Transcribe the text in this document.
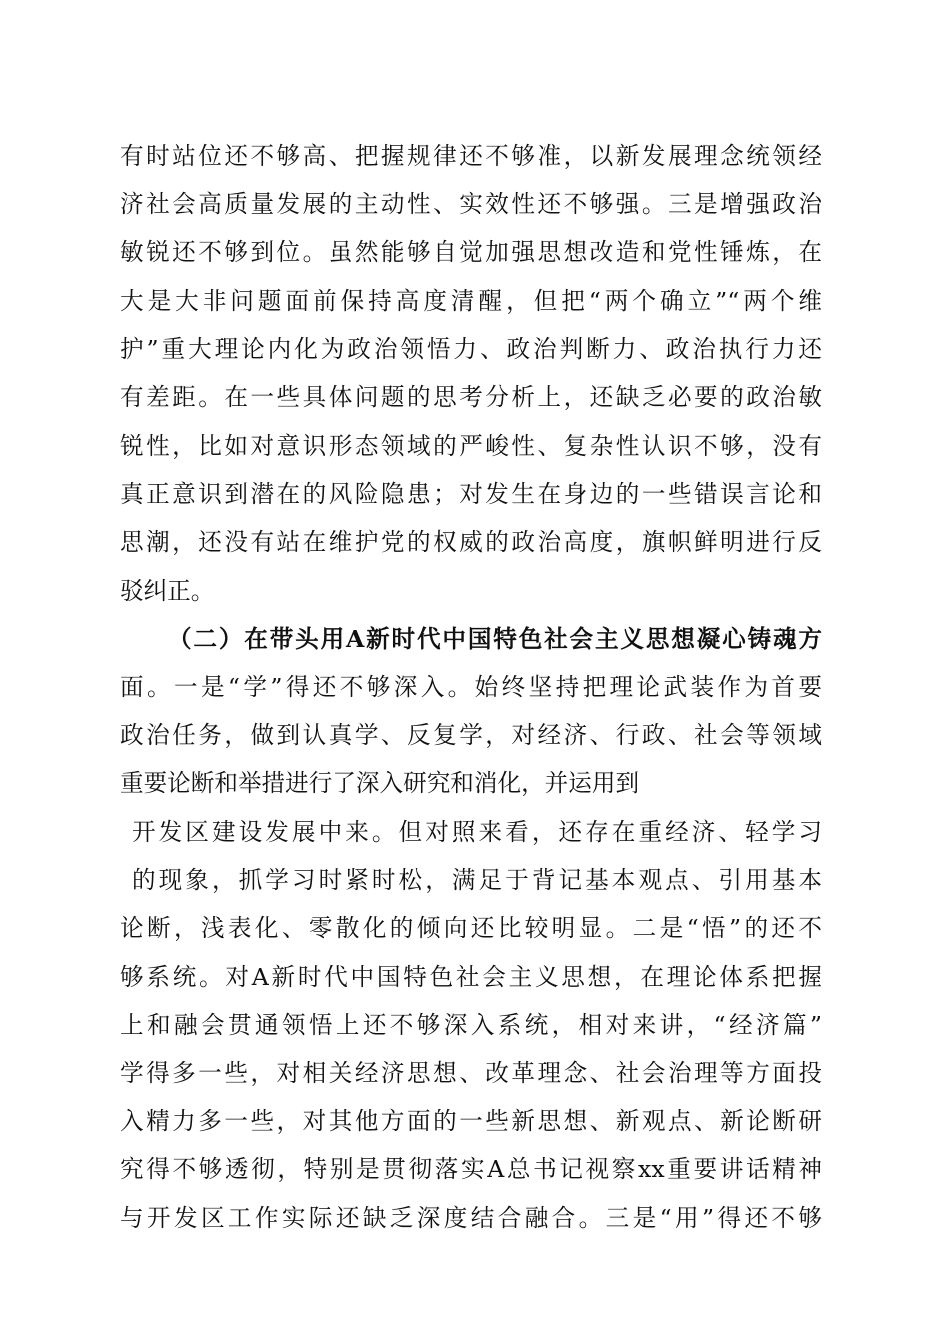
有时站位还不够高、把握规律还不够准，以新发展理念统领经
济社会高质量发展的主动性、实效性还不够强。三是增强政治
敏锐还不够到位。虽然能够自觉加强思想改造和党性锤炼，在
大是大非问题面前保持高度清醒，但把“两个确立”“两个维
护”重大理论内化为政治领悟力、政治判断力、政治执行力还
有差距。在一些具体问题的思考分析上，还缺乏必要的政治敏
锐性，比如对意识形态领域的严峻性、复杂性认识不够，没有
真正意识到潜在的风险隐患；对发生在身边的一些错误言论和
思潮，还没有站在维护党的权威的政治高度，旗帜鲜明进行反
驳纠正。
（二）在带头用A新时代中国特色社会主义思想凝心铸魂方
面。一是“学”得还不够深入。始终坚持把理论武装作为首要
政治任务，做到认真学、反复学，对经济、行政、社会等领域
重要论断和举措进行了深入研究和消化，并运用到
开发区建设发展中来。但对照来看，还存在重经济、轻学习
的现象，抓学习时紧时松，满足于背记基本观点、引用基本
论断，浅表化、零散化的倾向还比较明显。二是“悟”的还不
够系统。对A新时代中国特色社会主义思想，在理论体系把握
上和融会贯通领悟上还不够深入系统，相对来讲，“经济篇”
学得多一些，对相关经济思想、改革理念、社会治理等方面投
入精力多一些，对其他方面的一些新思想、新观点、新论断研
究得不够透彻，特别是贯彻落实A总书记视察xx重要讲话精神
与开发区工作实际还缺乏深度结合融合。三是“用”得还不够
